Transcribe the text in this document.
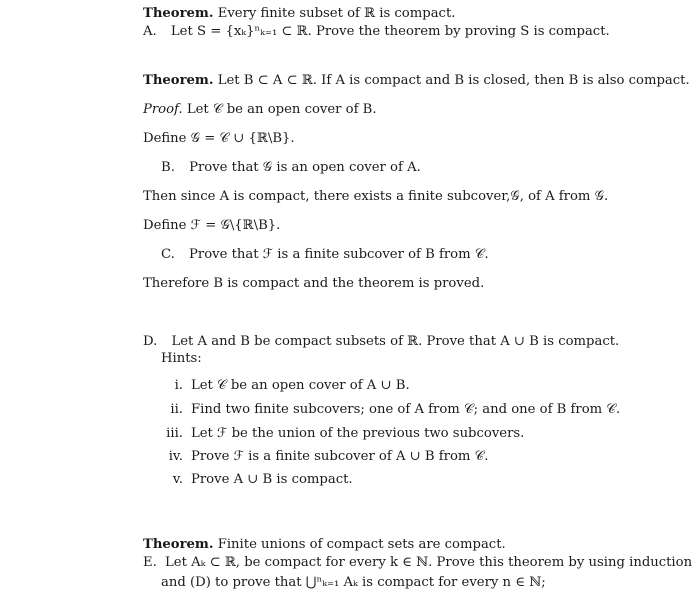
Theorem. Every finite subset of ℝ is compact.
A. Let S = {xₖ}ⁿₖ₌₁ ⊂ ℝ. Prove the theorem by proving S is compact.
Theorem. Let B ⊂ A ⊂ ℝ. If A is compact and B is closed, then B is also compact.
Proof. Let 𝒞 be an open cover of B.
Define 𝒢 = 𝒞 ∪ {ℝ\B}.
B. Prove that 𝒢 is an open cover of A.
Then since A is compact, there exists a finite subcover,𝒢, of A from 𝒢.
Define ℱ = 𝒢\{ℝ\B}.
C. Prove that ℱ is a finite subcover of B from 𝒞.
Therefore B is compact and the theorem is proved.
D. Let A and B be compact subsets of ℝ. Prove that A ∪ B is compact.
Hints:
i. Let 𝒞 be an open cover of A ∪ B.
ii. Find two finite subcovers; one of A from 𝒞; and one of B from 𝒞.
iii. Let ℱ be the union of the previous two subcovers.
iv. Prove ℱ is a finite subcover of A ∪ B from 𝒞.
v. Prove A ∪ B is compact.
Theorem. Finite unions of compact sets are compact.
E. Let Aₖ ⊂ ℝ, be compact for every k ∈ ℕ. Prove this theorem by using induction
and (D) to prove that ⋃ⁿₖ₌₁ Aₖ is compact for every n ∈ ℕ;
